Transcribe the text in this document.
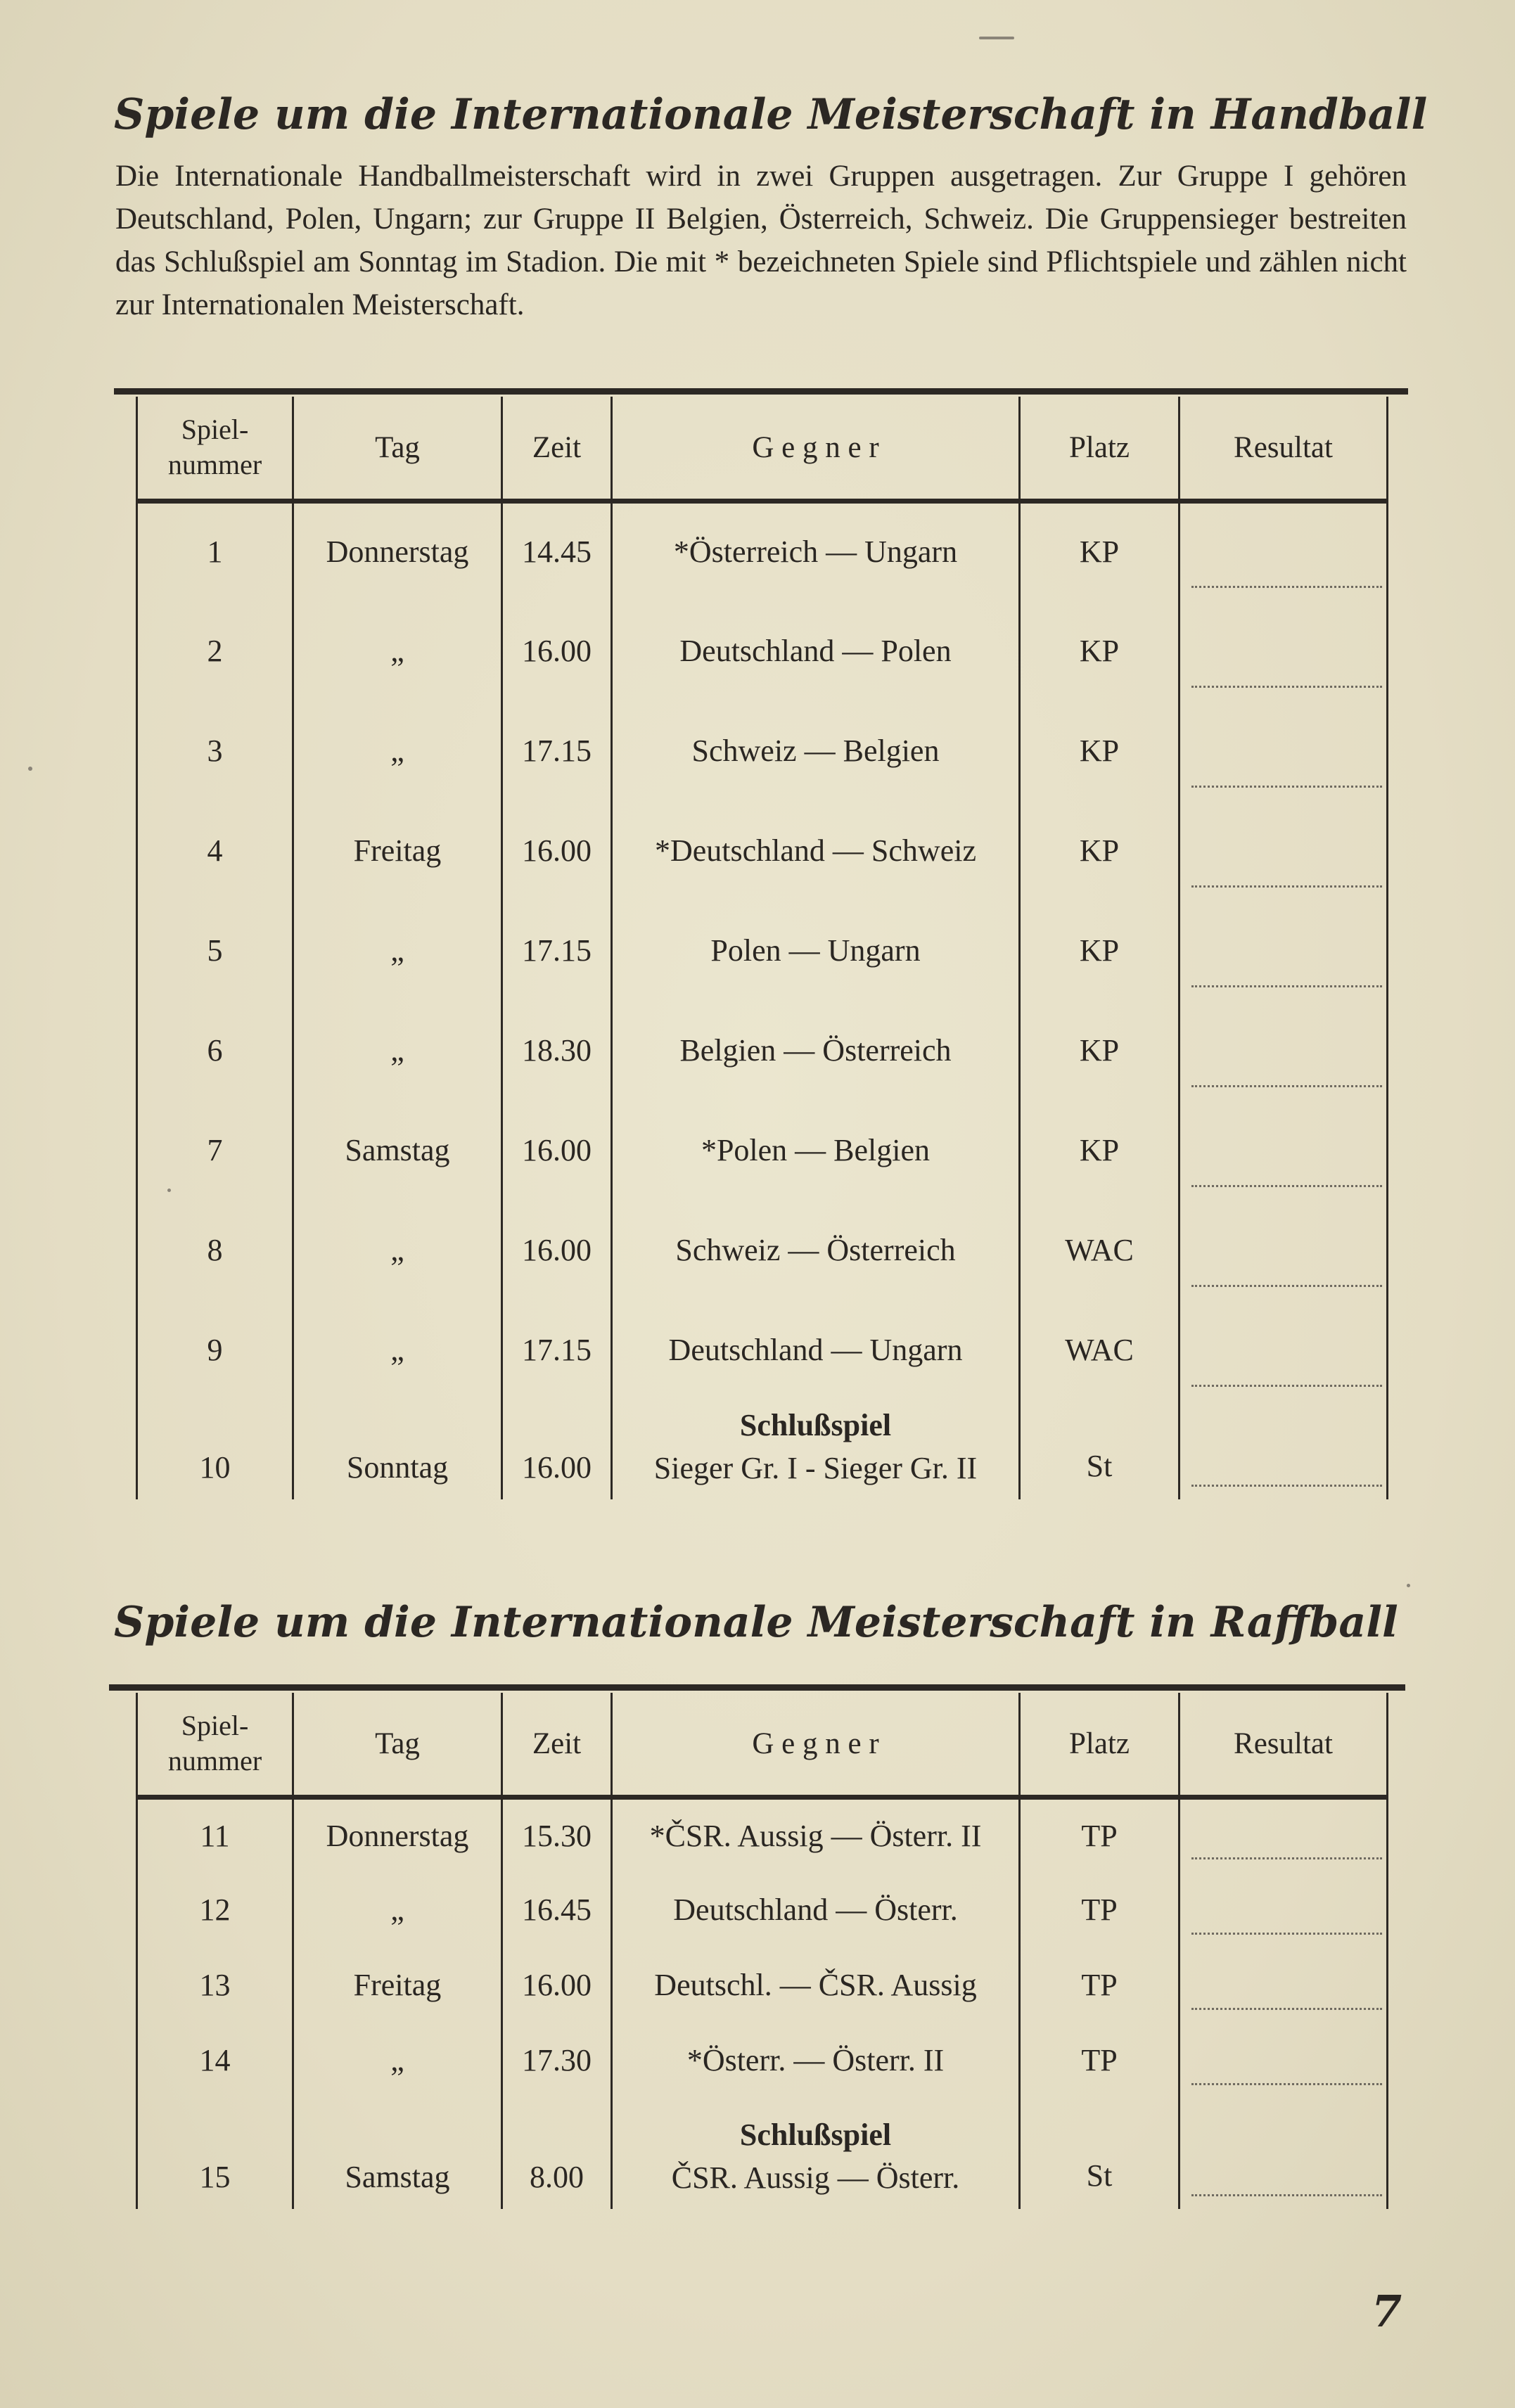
Spiele um die Internationale Meisterschaft in Handball

Die Internationale Handballmeisterschaft wird in zwei Gruppen ausgetragen. Zur Gruppe I gehören Deutschland, Polen, Ungarn; zur Gruppe II Belgien, Österreich, Schweiz. Die Gruppensieger bestreiten das Schlußspiel am Sonntag im Stadion. Die mit * bezeichneten Spiele sind Pflichtspiele und zählen nicht zur Internationalen Meisterschaft.

Spiel-
nummer	Tag	Zeit	G e g n e r	Platz	Resultat
1	Donnerstag	14.45	*Österreich — Ungarn	KP	

2	„	16.00	Deutschland — Polen	KP	

3	„	17.15	Schweiz — Belgien	KP	

4	Freitag	16.00	*Deutschland — Schweiz	KP	

5	„	17.15	Polen — Ungarn	KP	

6	„	18.30	Belgien — Österreich	KP	

7	Samstag	16.00	*Polen — Belgien	KP	

8	„	16.00	Schweiz — Österreich	WAC	

9	„	17.15	Deutschland — Ungarn	WAC	

10	Sonntag	16.00	Schlußspiel
Sieger Gr. I - Sieger Gr. II	St	
Spiele um die Internationale Meisterschaft in Raffball
Spiel-
nummer	Tag	Zeit	G e g n e r	Platz	Resultat
11	Donnerstag	15.30	*ČSR. Aussig — Österr. II	TP	

12	„	16.45	Deutschland — Österr.	TP	

13	Freitag	16.00	Deutschl. — ČSR. Aussig	TP	

14	„	17.30	*Österr. — Österr. II	TP	

15	Samstag	8.00	Schlußspiel
ČSR. Aussig — Österr.	St	
7
